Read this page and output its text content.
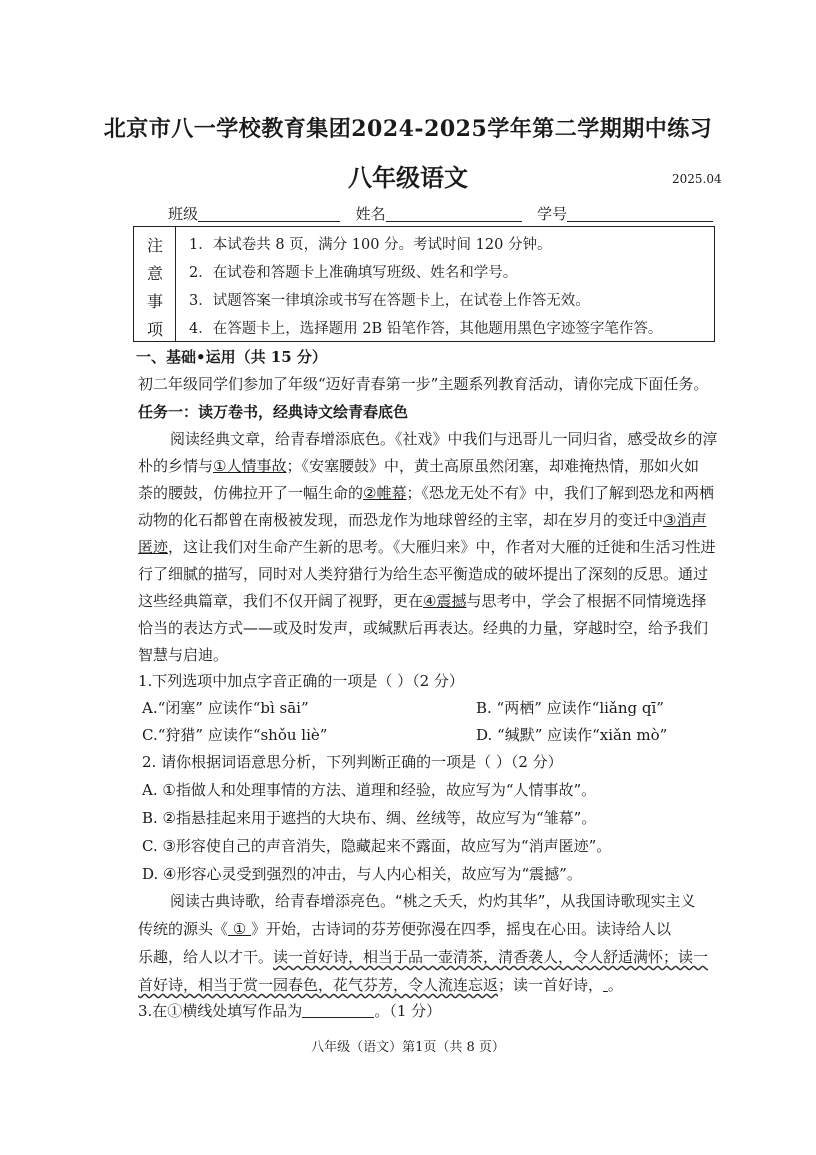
北京市八一学校教育集团2024-2025学年第二学期期中练习
八年级语文	2025.04
班级	姓名	学号
注
意
事
项
1．本试卷共 8 页，满分 100 分。考试时间 120 分钟。
2．在试卷和答题卡上准确填写班级、姓名和学号。
3．试题答案一律填涂或书写在答题卡上，在试卷上作答无效。
4．在答题卡上，选择题用 2B 铅笔作答，其他题用黑色字迹签字笔作答。
一、基础•运用（共 15 分）
初二年级同学们参加了年级“迈好青春第一步”主题系列教育活动，请你完成下面任务。
任务一：读万卷书，经典诗文绘青春底色
阅读经典文章，给青春增添底色。《社戏》中我们与迅哥儿一同归省，感受故乡的淳
朴的乡情与①人情事故；《安塞腰鼓》中，黄土高原虽然闭塞，却难掩热情，那如火如
荼的腰鼓，仿佛拉开了一幅生命的②帷幕；《恐龙无处不有》中，我们了解到恐龙和两栖
动物的化石都曾在南极被发现，而恐龙作为地球曾经的主宰，却在岁月的变迁中③消声
匿迹，这让我们对生命产生新的思考。《大雁归来》中，作者对大雁的迁徙和生活习性进
行了细腻的描写，同时对人类狩猎行为给生态平衡造成的破坏提出了深刻的反思。通过
这些经典篇章，我们不仅开阔了视野，更在④震撼与思考中，学会了根据不同情境选择
恰当的表达方式——或及时发声，或缄默后再表达。经典的力量，穿越时空，给予我们
智慧与启迪。
1.下列选项中加点字音正确的一项是（ ）（2 分）
A.“闭塞” 应读作“bì sāi”	B. “两栖” 应读作“liǎng qī”
C.“狩猎” 应读作“shǒu liè”	D. “缄默” 应读作“xiǎn mò”
2. 请你根据词语意思分析，下列判断正确的一项是（ ）（2 分）
A. ①指做人和处理事情的方法、道理和经验，故应写为“人情事故”。
B. ②指悬挂起来用于遮挡的大块布、绸、丝绒等，故应写为“雏幕”。
C. ③形容使自己的声音消失，隐藏起来不露面，故应写为“消声匿迹”。
D. ④形容心灵受到强烈的冲击，与人内心相关，故应写为“震撼”。
阅读古典诗歌，给青春增添亮色。“桃之夭夭，灼灼其华”，从我国诗歌现实主义
传统的源头《 ① 》开始，古诗词的芬芳便弥漫在四季，摇曳在心田。读诗给人以
乐趣，给人以才干。读一首好诗，相当于品一壶清茶，清香袭人，令人舒适满怀；读一
首好诗，相当于赏一园春色，花气芬芳，令人流连忘返；读一首好诗， 。
3.在①横线处填写作品为	。（1 分）
八年级（语文）第1页（共 8 页）
